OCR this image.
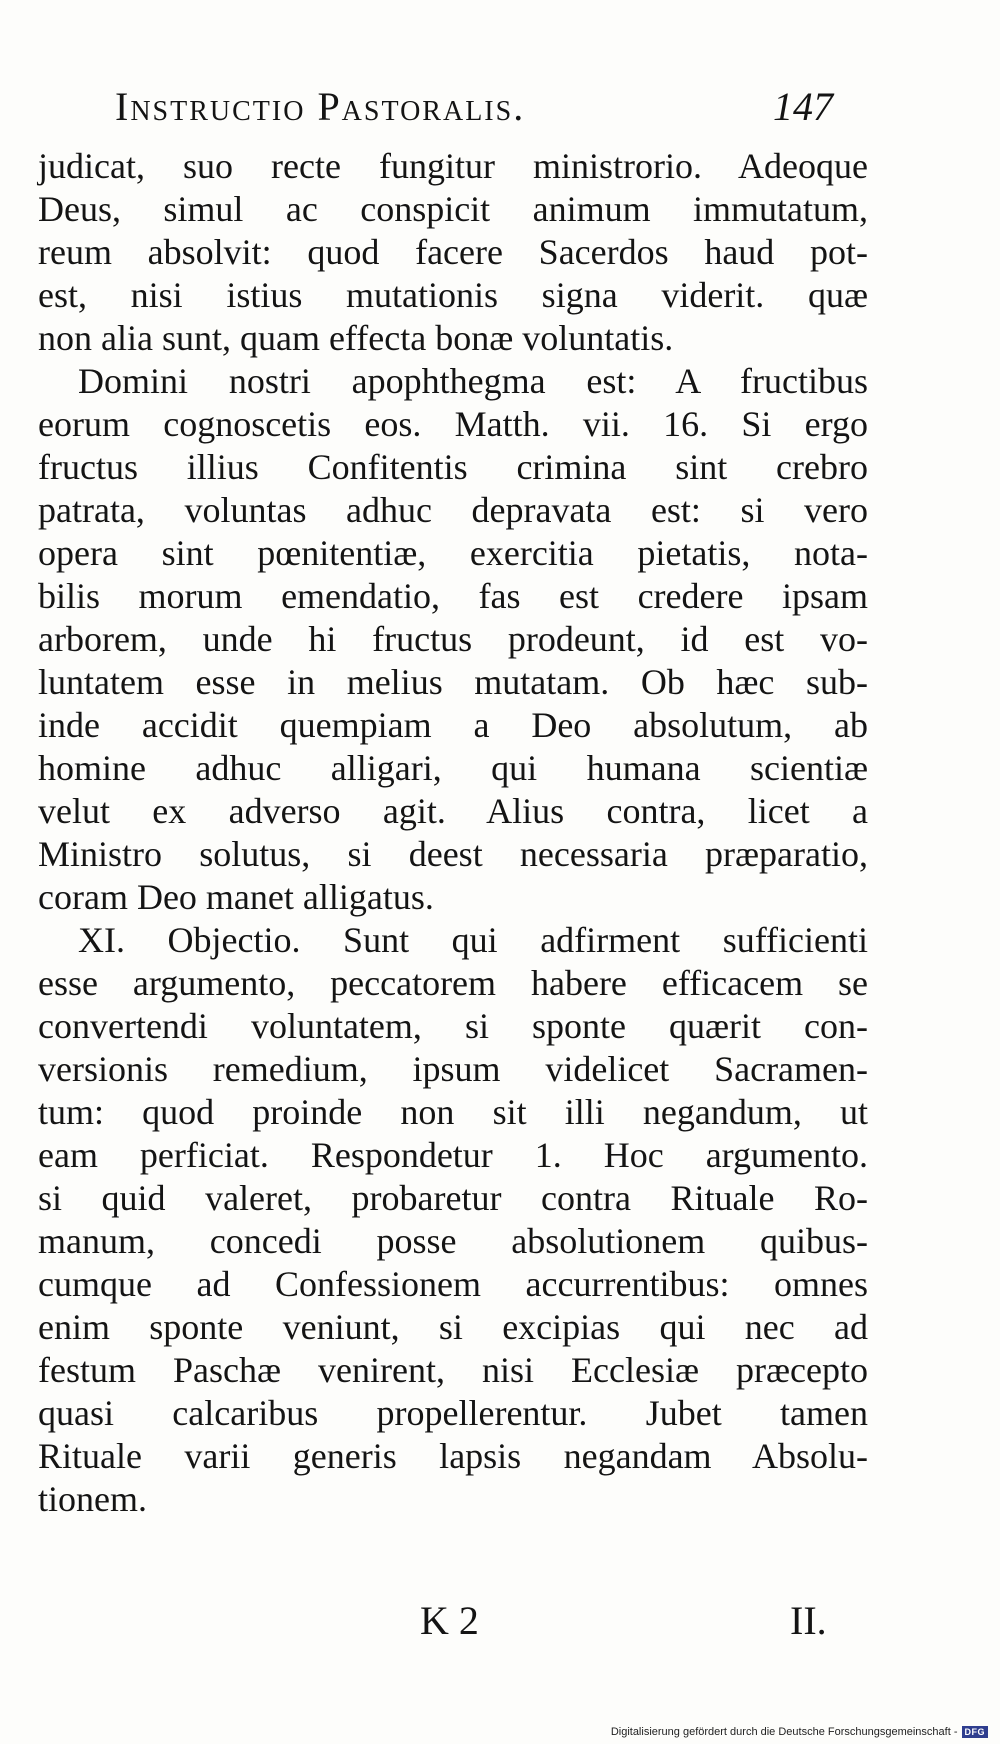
Instructio Pastoralis.	147
judicat, suo recte fungitur ministrorio. Adeoque
Deus, simul ac conspicit animum immutatum,
reum absolvit: quod facere Sacerdos haud pot-
est, nisi istius mutationis signa viderit. quæ
non alia sunt, quam effecta bonæ voluntatis.
Domini nostri apophthegma est: A fructibus
eorum cognoscetis eos. Matth. vii. 16. Si ergo
fructus illius Confitentis crimina sint crebro
patrata, voluntas adhuc depravata est: si vero
opera sint pœnitentiæ, exercitia pietatis, nota-
bilis morum emendatio, fas est credere ipsam
arborem, unde hi fructus prodeunt, id est vo-
luntatem esse in melius mutatam. Ob hæc sub-
inde accidit quempiam a Deo absolutum, ab
homine adhuc alligari, qui humana scientiæ
velut ex adverso agit. Alius contra, licet a
Ministro solutus, si deest necessaria præparatio,
coram Deo manet alligatus.
XI. Objectio. Sunt qui adfirment sufficienti
esse argumento, peccatorem habere efficacem se
convertendi voluntatem, si sponte quærit con-
versionis remedium, ipsum videlicet Sacramen-
tum: quod proinde non sit illi negandum, ut
eam perficiat. Respondetur 1. Hoc argumento.
si quid valeret, probaretur contra Rituale Ro-
manum, concedi posse absolutionem quibus-
cumque ad Confessionem accurrentibus: omnes
enim sponte veniunt, si excipias qui nec ad
festum Paschæ venirent, nisi Ecclesiæ præcepto
quasi calcaribus propellerentur. Jubet tamen
Rituale varii generis lapsis negandam Absolu-
tionem.
K 2	II.
Digitalisierung gefördert durch die Deutsche Forschungsgemeinschaft - DFG
